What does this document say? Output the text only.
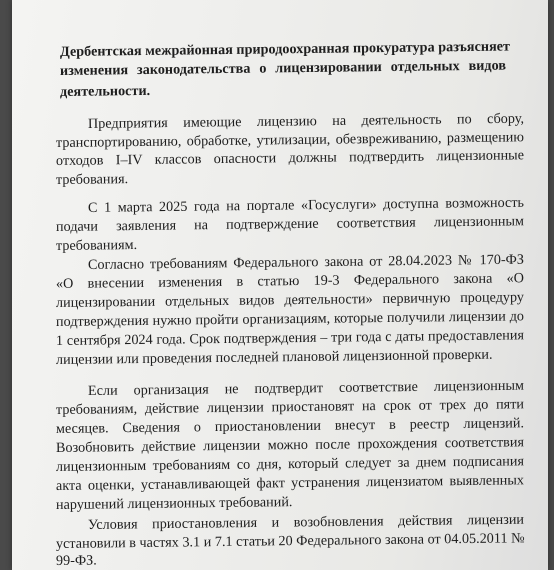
Дербентская межрайонная природоохранная прокуратура разъясняет
изменения законодательства о лицензировании отдельных видов
деятельности.
Предприятия имеющие лицензию на деятельность по сбору,
транспортированию, обработке, утилизации, обезвреживанию, размещению
отходов I–IV классов опасности должны подтвердить лицензионные
требования.
С 1 марта 2025 года на портале «Госуслуги» доступна возможность
подачи заявления на подтверждение соответствия лицензионным
требованиям.
Согласно требованиям Федерального закона от 28.04.2023 № 170-ФЗ
«О внесении изменения в статью 19-3 Федерального закона «О
лицензировании отдельных видов деятельности» первичную процедуру
подтверждения нужно пройти организациям, которые получили лицензии до
1 сентября 2024 года. Срок подтверждения – три года с даты предоставления
лицензии или проведения последней плановой лицензионной проверки.
Если организация не подтвердит соответствие лицензионным
требованиям, действие лицензии приостановят на срок от трех до пяти
месяцев. Сведения о приостановлении внесут в реестр лицензий.
Возобновить действие лицензии можно после прохождения соответствия
лицензионным требованиям со дня, который следует за днем подписания
акта оценки, устанавливающей факт устранения лицензиатом выявленных
нарушений лицензионных требований.
Условия приостановления и возобновления действия лицензии
установили в частях 3.1 и 7.1 статьи 20 Федерального закона от 04.05.2011 №
99-ФЗ.
